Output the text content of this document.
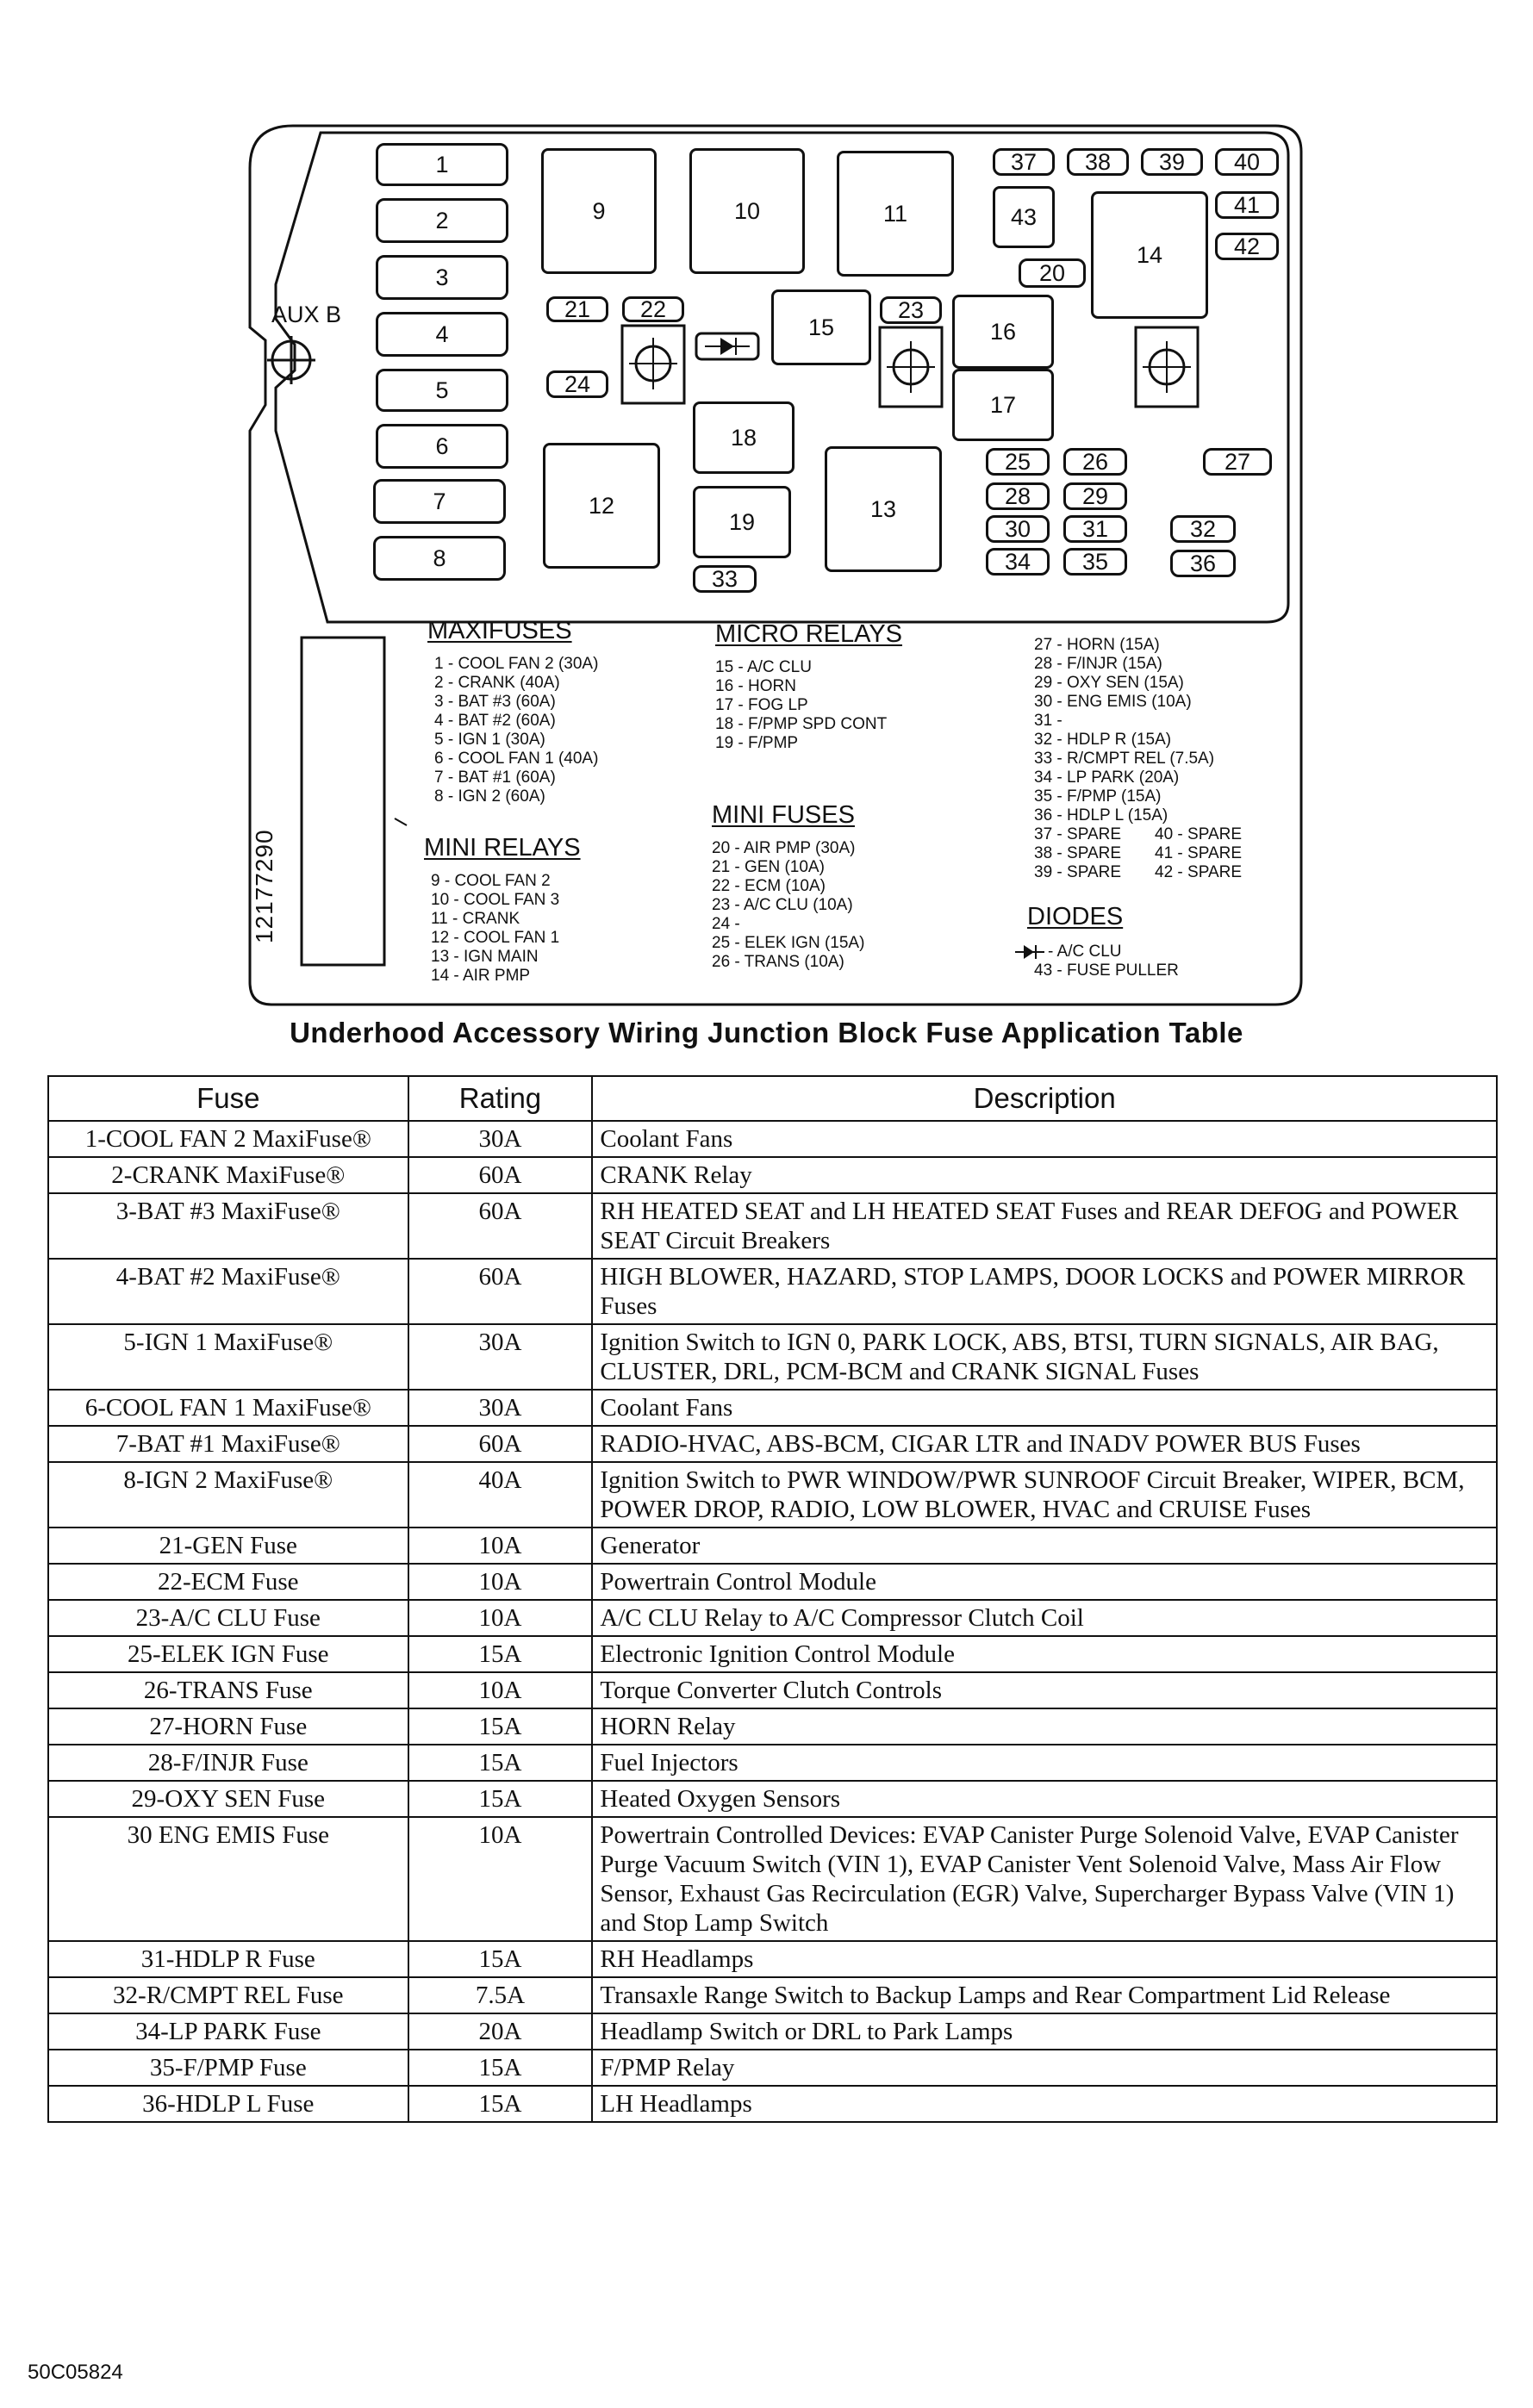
AUX B
1
2
3
4
5
6
7
8
9	10	11
12	13
14
15	16
17
18
19
20
21	22	23
24
25	26	27
28	29
30	31	32
33
34	35	36
37	38	39	40
41
42
43
12177290
MAXIFUSES
1 - COOL FAN 2 (30A)
2 - CRANK (40A)
3 - BAT #3 (60A)
4 - BAT #2 (60A)
5 - IGN 1 (30A)
6 - COOL FAN 1 (40A)
7 - BAT #1 (60A)
8 - IGN 2 (60A)
MINI RELAYS
9 - COOL FAN 2
10 - COOL FAN 3
11 - CRANK
12 - COOL FAN 1
13 - IGN MAIN
14 - AIR PMP
MICRO RELAYS
15 - A/C CLU
16 - HORN
17 - FOG LP
18 - F/PMP SPD CONT
19 - F/PMP
MINI FUSES
20 - AIR PMP (30A)
21 - GEN (10A)
22 - ECM (10A)
23 - A/C CLU (10A)
24 -
25 - ELEK IGN (15A)
26 - TRANS (10A)
27 - HORN (15A)
28 - F/INJR (15A)
29 - OXY SEN (15A)
30 - ENG EMIS (10A)
31 -
32 - HDLP R (15A)
33 - R/CMPT REL (7.5A)
34 - LP PARK (20A)
35 - F/PMP (15A)
36 - HDLP L (15A)
37 - SPARE 40 - SPARE
38 - SPARE 41 - SPARE
39 - SPARE 42 - SPARE
DIODES
- A/C CLU
43 - FUSE PULLER
Underhood Accessory Wiring Junction Block Fuse Application Table
Fuse	Rating	Description
1-COOL FAN 2 MaxiFuse®	30A	Coolant Fans
2-CRANK MaxiFuse®	60A	CRANK Relay
3-BAT #3 MaxiFuse®	60A	RH HEATED SEAT and LH HEATED SEAT Fuses and REAR DEFOG and POWER SEAT Circuit Breakers
4-BAT #2 MaxiFuse®	60A	HIGH BLOWER, HAZARD, STOP LAMPS, DOOR LOCKS and POWER MIRROR Fuses
5-IGN 1 MaxiFuse®	30A	Ignition Switch to IGN 0, PARK LOCK, ABS, BTSI, TURN SIGNALS, AIR BAG, CLUSTER, DRL, PCM-BCM and CRANK SIGNAL Fuses
6-COOL FAN 1 MaxiFuse®	30A	Coolant Fans
7-BAT #1 MaxiFuse®	60A	RADIO-HVAC, ABS-BCM, CIGAR LTR and INADV POWER BUS Fuses
8-IGN 2 MaxiFuse®	40A	Ignition Switch to PWR WINDOW/PWR SUNROOF Circuit Breaker, WIPER, BCM, POWER DROP, RADIO, LOW BLOWER, HVAC and CRUISE Fuses
21-GEN Fuse	10A	Generator
22-ECM Fuse	10A	Powertrain Control Module
23-A/C CLU Fuse	10A	A/C CLU Relay to A/C Compressor Clutch Coil
25-ELEK IGN Fuse	15A	Electronic Ignition Control Module
26-TRANS Fuse	10A	Torque Converter Clutch Controls
27-HORN Fuse	15A	HORN Relay
28-F/INJR Fuse	15A	Fuel Injectors
29-OXY SEN Fuse	15A	Heated Oxygen Sensors
30 ENG EMIS Fuse	10A	Powertrain Controlled Devices: EVAP Canister Purge Solenoid Valve, EVAP Canister Purge Vacuum Switch (VIN 1), EVAP Canister Vent Solenoid Valve, Mass Air Flow Sensor, Exhaust Gas Recirculation (EGR) Valve, Supercharger Bypass Valve (VIN 1) and Stop Lamp Switch
31-HDLP R Fuse	15A	RH Headlamps
32-R/CMPT REL Fuse	7.5A	Transaxle Range Switch to Backup Lamps and Rear Compartment Lid Release
34-LP PARK Fuse	20A	Headlamp Switch or DRL to Park Lamps
35-F/PMP Fuse	15A	F/PMP Relay
36-HDLP L Fuse	15A	LH Headlamps
50C05824
